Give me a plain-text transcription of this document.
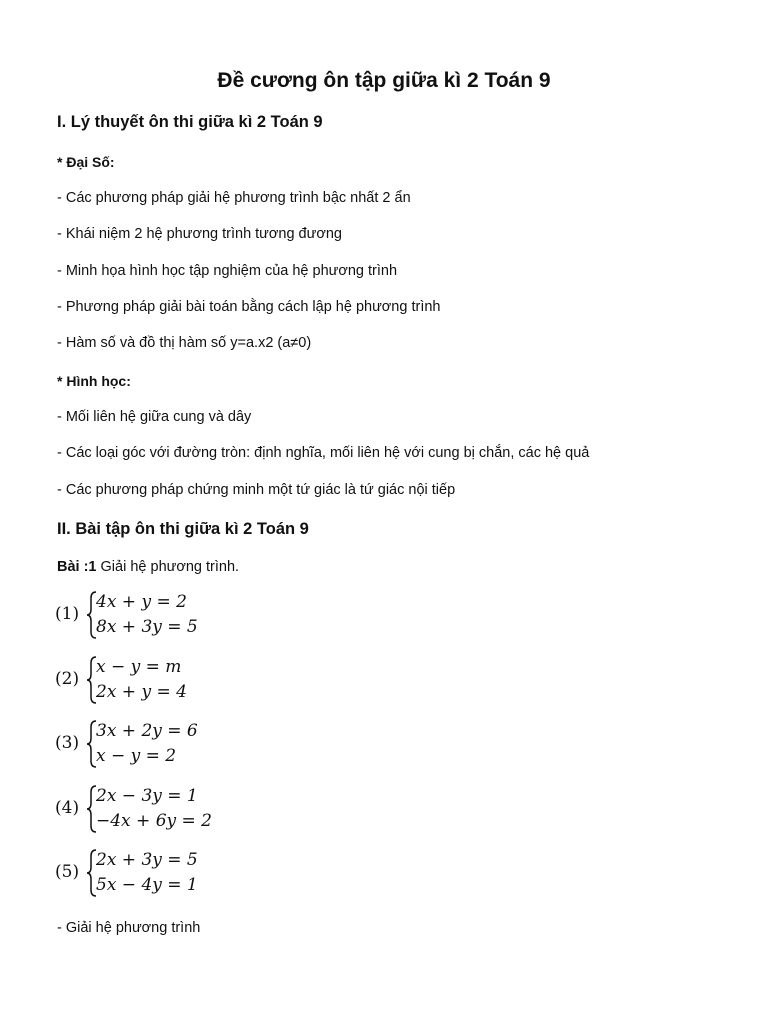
Đề cương ôn tập giữa kì 2 Toán 9
I. Lý thuyết ôn thi giữa kì 2 Toán 9
* Đại Số:
- Các phương pháp giải hệ phương trình bậc nhất 2 ẩn
- Khái niệm 2 hệ phương trình tương đương
- Minh họa hình học tập nghiệm của hệ phương trình
- Phương pháp giải bài toán bằng cách lập hệ phương trình
- Hàm số và đồ thị hàm số y=a.x2 (a≠0)
* Hình học:
- Mối liên hệ giữa cung và dây
- Các loại góc với đường tròn: định nghĩa, mối liên hệ với cung bị chắn, các hệ quả
- Các phương pháp chứng minh một tứ giác là tứ giác nội tiếp
II. Bài tập ôn thi giữa kì 2 Toán 9
Bài :1 Giải hệ phương trình.
(1)
4x + y = 2
8x + 3y = 5
(2)
x − y = m
2x + y = 4
(3)
3x + 2y = 6
x − y = 2
(4)
2x − 3y = 1
−4x + 6y = 2
(5)
2x + 3y = 5
5x − 4y = 1
- Giải hệ phương trình
